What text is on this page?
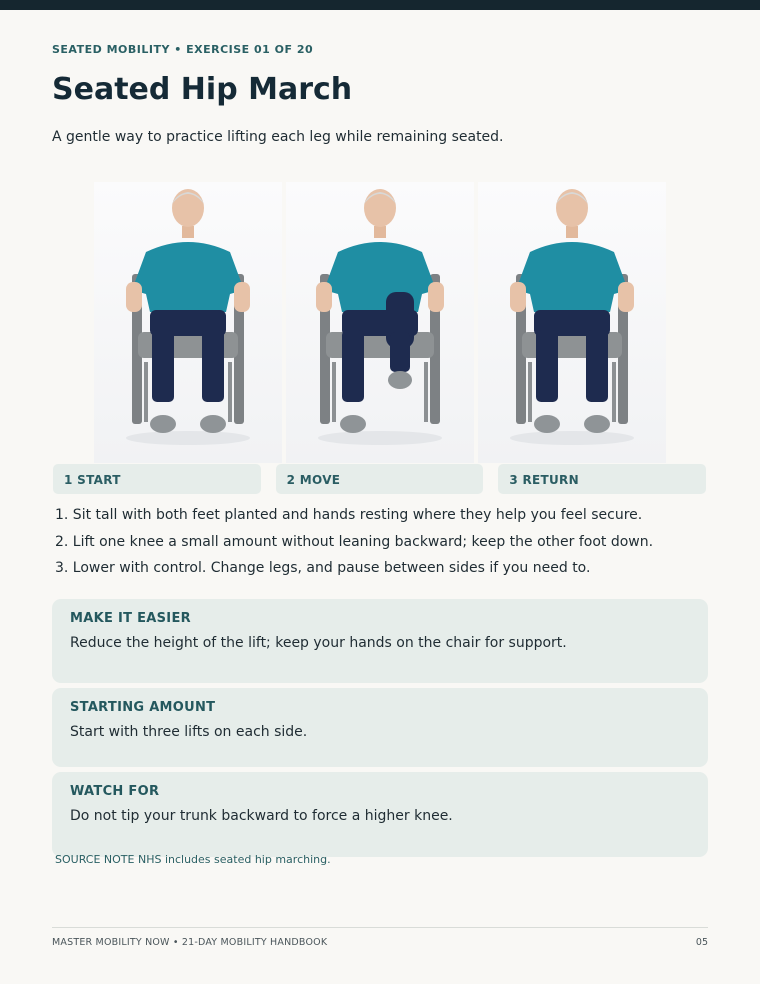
SEATED MOBILITY • EXERCISE 01 OF 20
Seated Hip March
A gentle way to practice lifting each leg while remaining seated.
1 START	2 MOVE	3 RETURN
1. Sit tall with both feet planted and hands resting where they help you feel secure.
2. Lift one knee a small amount without leaning backward; keep the other foot down.
3. Lower with control. Change legs, and pause between sides if you need to.
MAKE IT EASIER
Reduce the height of the lift; keep your hands on the chair for support.
STARTING AMOUNT
Start with three lifts on each side.
WATCH FOR
Do not tip your trunk backward to force a higher knee.
SOURCE NOTE NHS includes seated hip marching.
MASTER MOBILITY NOW • 21-DAY MOBILITY HANDBOOK	05
